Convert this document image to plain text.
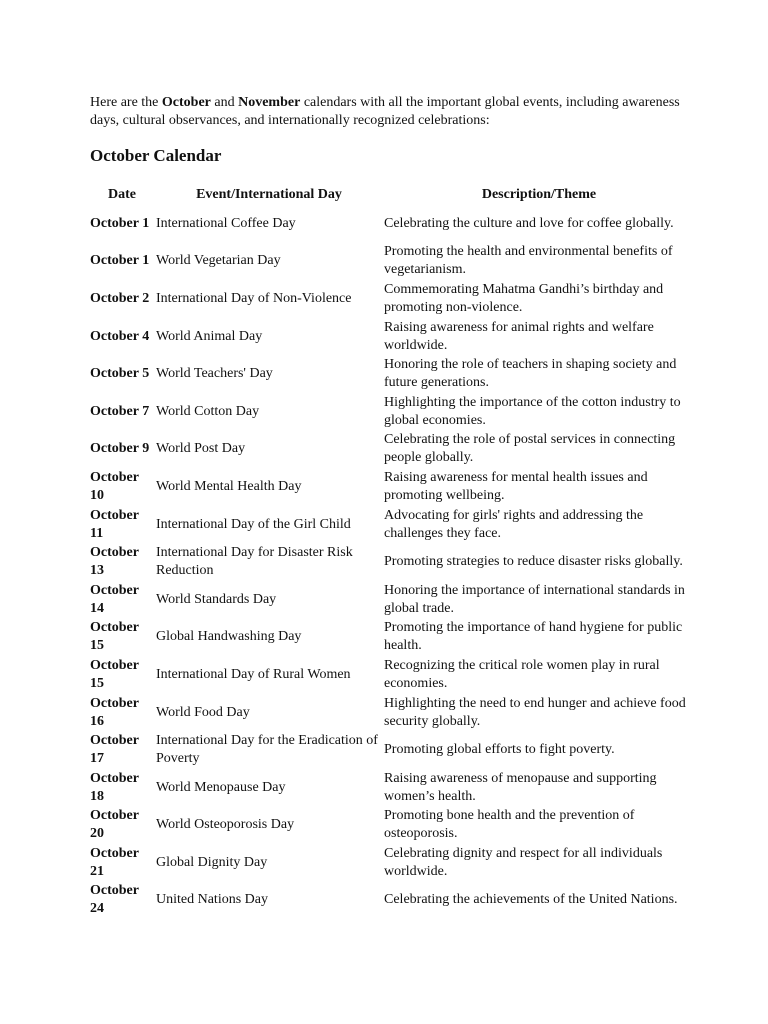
Here are the October and November calendars with all the important global events, including awareness days, cultural observances, and internationally recognized celebrations:

October Calendar
Date	Event/International Day	Description/Theme
October 1	International Coffee Day	Celebrating the culture and love for coffee globally.
October 1	World Vegetarian Day	Promoting the health and environmental benefits of vegetarianism.
October 2	International Day of Non-Violence	Commemorating Mahatma Gandhi’s birthday and promoting non-violence.
October 4	World Animal Day	Raising awareness for animal rights and welfare worldwide.
October 5	World Teachers' Day	Honoring the role of teachers in shaping society and future generations.
October 7	World Cotton Day	Highlighting the importance of the cotton industry to global economies.
October 9	World Post Day	Celebrating the role of postal services in connecting people globally.
October 10	World Mental Health Day	Raising awareness for mental health issues and promoting wellbeing.
October 11	International Day of the Girl Child	Advocating for girls' rights and addressing the challenges they face.
October 13	International Day for Disaster Risk Reduction	Promoting strategies to reduce disaster risks globally.
October 14	World Standards Day	Honoring the importance of international standards in global trade.
October 15	Global Handwashing Day	Promoting the importance of hand hygiene for public health.
October 15	International Day of Rural Women	Recognizing the critical role women play in rural economies.
October 16	World Food Day	Highlighting the need to end hunger and achieve food security globally.
October 17	International Day for the Eradication of Poverty	Promoting global efforts to fight poverty.
October 18	World Menopause Day	Raising awareness of menopause and supporting women’s health.
October 20	World Osteoporosis Day	Promoting bone health and the prevention of osteoporosis.
October 21	Global Dignity Day	Celebrating dignity and respect for all individuals worldwide.
October 24	United Nations Day	Celebrating the achievements of the United Nations.
